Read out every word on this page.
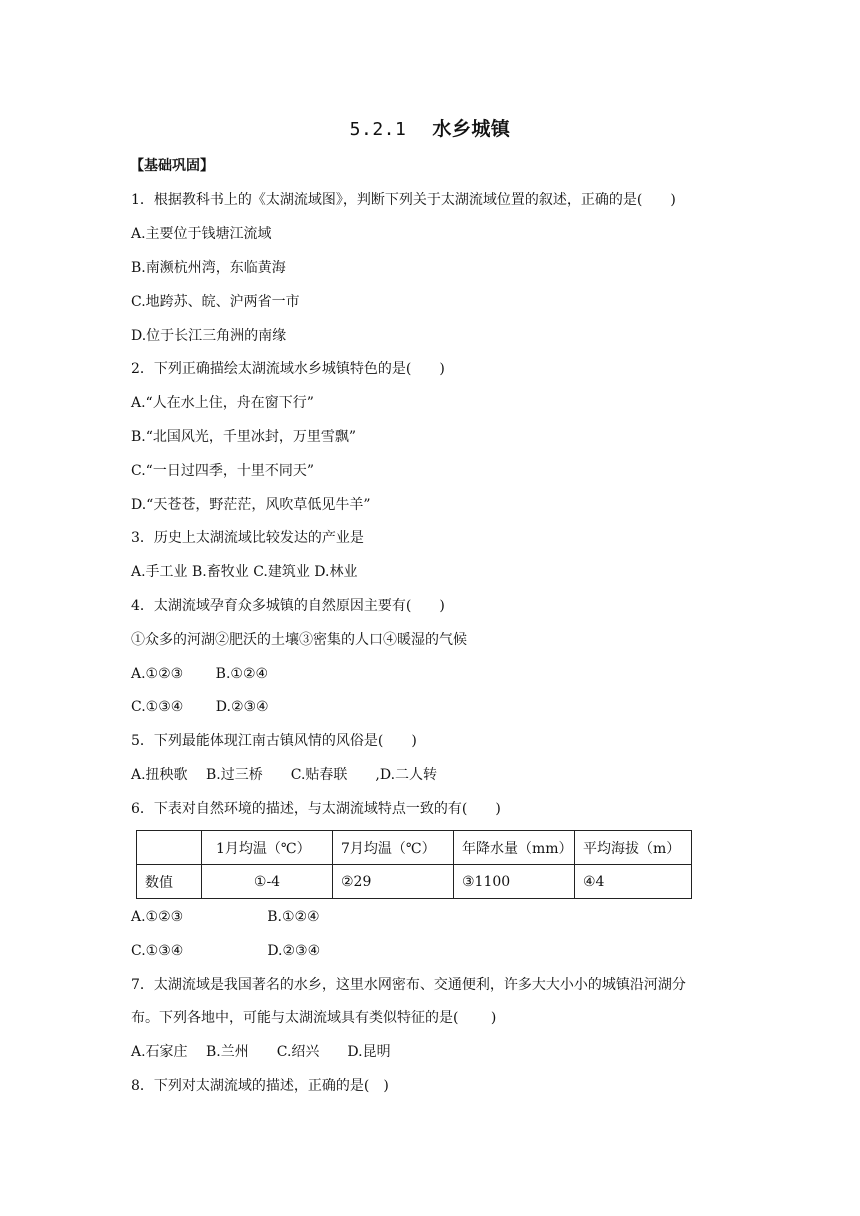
5.2.1 水乡城镇
【基础巩固】
1．根据教科书上的《太湖流域图》，判断下列关于太湖流域位置的叙述，正确的是(　　)
A.主要位于钱塘江流域
B.南濒杭州湾，东临黄海
C.地跨苏、皖、沪两省一市
D.位于长江三角洲的南缘
2．下列正确描绘太湖流域水乡城镇特色的是(　　)
A.“人在水上住，舟在窗下行”
B.“北国风光，千里冰封，万里雪飘”
C.“一日过四季，十里不同天”
D.“天苍苍，野茫茫，风吹草低见牛羊”
3．历史上太湖流域比较发达的产业是
A.手工业 B.畜牧业 C.建筑业 D.林业
4．太湖流域孕育众多城镇的自然原因主要有(　　)
①众多的河湖②肥沃的土壤③密集的人口④暖湿的气候
A.①②③　　 B.①②④
C.①③④　　 D.②③④
5．下列最能体现江南古镇风情的风俗是(　　)
A.扭秧歌　 B.过三桥　　C.贴春联　　,D.二人转
6．下表对自然环境的描述，与太湖流域特点一致的有(　　)
	1月均温（℃）	7月均温（℃）	年降水量（mm）	平均海拔（m）
数值	①-4	②29	③1100	④4
A.①②③　　　　　　B.①②④
C.①③④　　　　　　D.②③④
7．太湖流域是我国著名的水乡，这里水网密布、交通便利，许多大大小小的城镇沿河湖分
布。下列各地中，可能与太湖流域具有类似特征的是(　　 )
A.石家庄　 B.兰州　　C.绍兴　　D.昆明
8．下列对太湖流域的描述，正确的是(　)
